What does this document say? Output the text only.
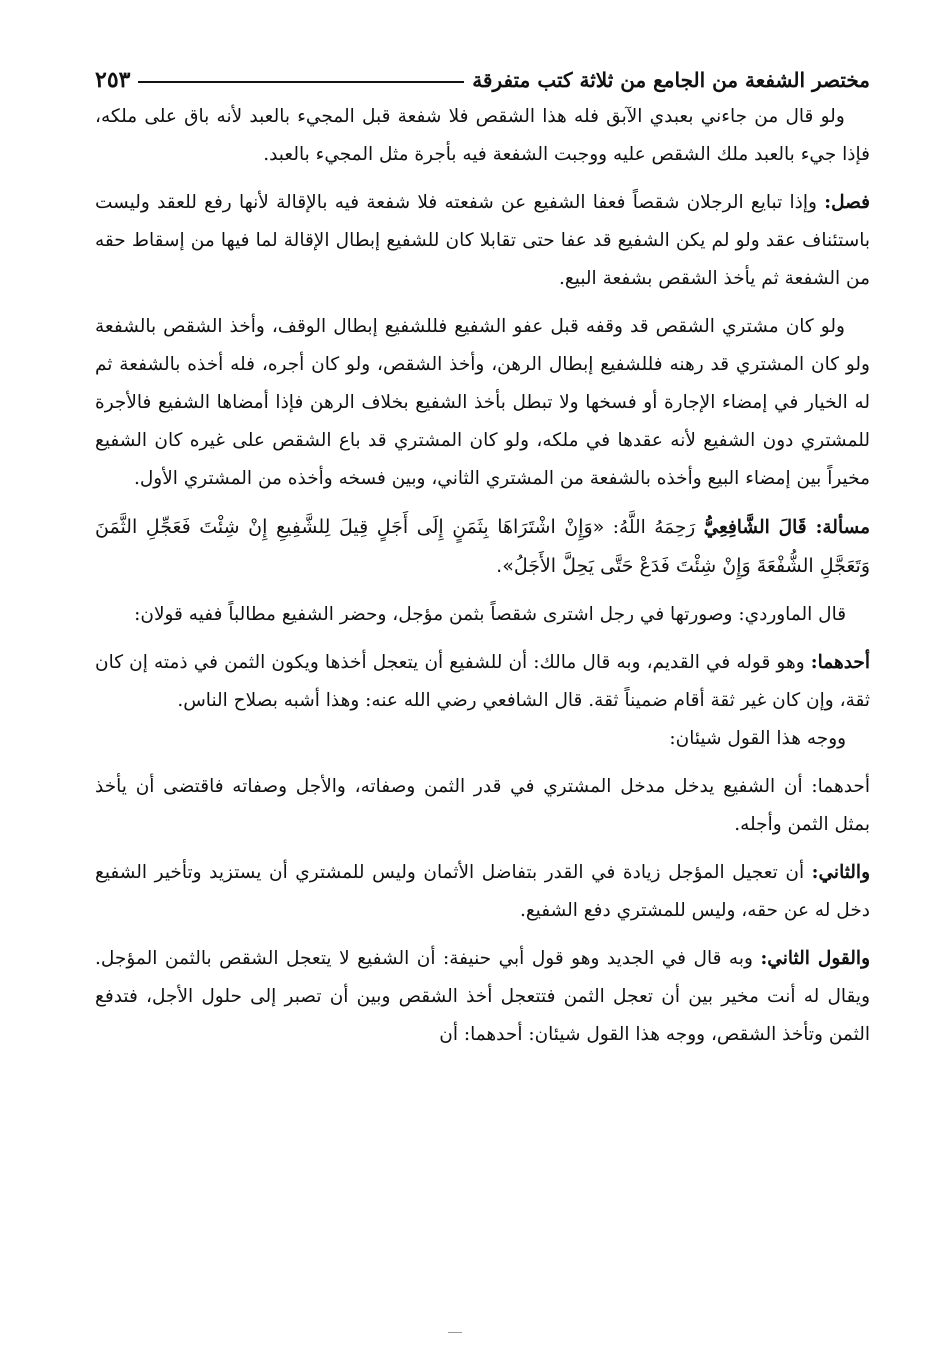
مختصر الشفعة من الجامع من ثلاثة كتب متفرقة
٢٥٣

ولو قال من جاءني بعبدي الآبق فله هذا الشقص فلا شفعة قبل المجيء بالعبد لأنه باق على ملكه، فإذا جيء بالعبد ملك الشقص عليه ووجبت الشفعة فيه بأجرة مثل المجيء بالعبد.

فصل: وإذا تبايع الرجلان شقصاً فعفا الشفيع عن شفعته فلا شفعة فيه بالإقالة لأنها رفع للعقد وليست باستئناف عقد ولو لم يكن الشفيع قد عفا حتى تقابلا كان للشفيع إبطال الإقالة لما فيها من إسقاط حقه من الشفعة ثم يأخذ الشقص بشفعة البيع.

ولو كان مشتري الشقص قد وقفه قبل عفو الشفيع فللشفيع إبطال الوقف، وأخذ الشقص بالشفعة ولو كان المشتري قد رهنه فللشفيع إبطال الرهن، وأخذ الشقص، ولو كان أجره، فله أخذه بالشفعة ثم له الخيار في إمضاء الإجارة أو فسخها ولا تبطل بأخذ الشفيع بخلاف الرهن فإذا أمضاها الشفيع فالأجرة للمشتري دون الشفيع لأنه عقدها في ملكه، ولو كان المشتري قد باع الشقص على غيره كان الشفيع مخيراً بين إمضاء البيع وأخذه بالشفعة من المشتري الثاني، وبين فسخه وأخذه من المشتري الأول.

مسألة: قَالَ الشَّافِعِيُّ رَحِمَهُ اللَّهُ: «وَإِنْ اشْتَرَاهَا بِثَمَنٍ إِلَى أَجَلٍ قِيلَ لِلشَّفِيعِ إِنْ شِئْتَ فَعَجِّلِ الثَّمَنَ وَتَعَجَّلِ الشُّفْعَةَ وَإِنْ شِئْتَ فَدَعْ حَتَّى يَحِلَّ الأَجَلُ».

قال الماوردي: وصورتها في رجل اشترى شقصاً بثمن مؤجل، وحضر الشفيع مطالباً ففيه قولان:

أحدهما: وهو قوله في القديم، وبه قال مالك: أن للشفيع أن يتعجل أخذها ويكون الثمن في ذمته إن كان ثقة، وإن كان غير ثقة أقام ضميناً ثقة. قال الشافعي رضي الله عنه: وهذا أشبه بصلاح الناس.

ووجه هذا القول شيئان:

أحدهما: أن الشفيع يدخل مدخل المشتري في قدر الثمن وصفاته، والأجل وصفاته فاقتضى أن يأخذ بمثل الثمن وأجله.

والثاني: أن تعجيل المؤجل زيادة في القدر بتفاضل الأثمان وليس للمشتري أن يستزيد وتأخير الشفيع دخل له عن حقه، وليس للمشتري دفع الشفيع.

والقول الثاني: وبه قال في الجديد وهو قول أبي حنيفة: أن الشفيع لا يتعجل الشقص بالثمن المؤجل. ويقال له أنت مخير بين أن تعجل الثمن فتتعجل أخذ الشقص وبين أن تصبر إلى حلول الأجل، فتدفع الثمن وتأخذ الشقص، ووجه هذا القول شيئان: أحدهما: أن
